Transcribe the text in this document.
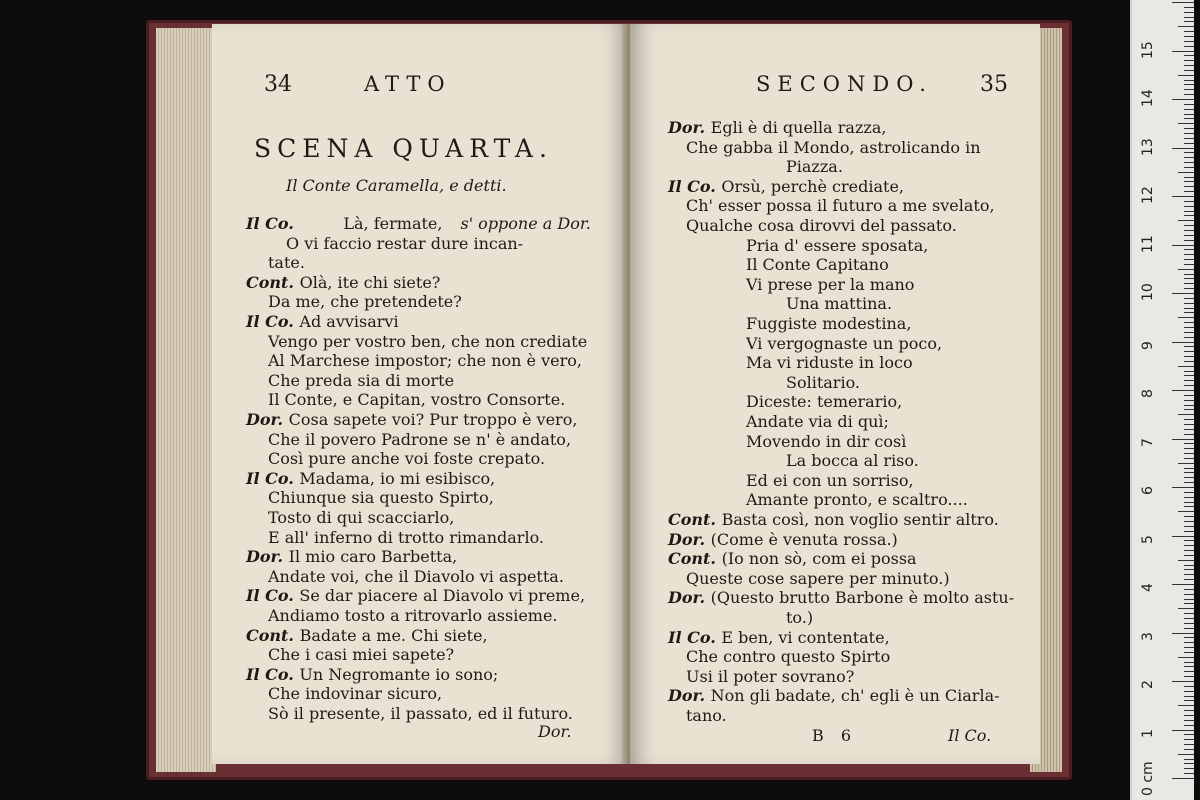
34	ATTO
SCENA QUARTA.
Il Conte Caramella, e detti.
Il Co.	Là, fermate, s' oppone a Dor.
O vi faccio restar dure incan-
tate.
Cont. Olà, ite chi siete?
Da me, che pretendete?
Il Co. Ad avvisarvi
Vengo per vostro ben, che non crediate
Al Marchese impostor; che non è vero,
Che preda sia di morte
Il Conte, e Capitan, vostro Consorte.
Dor. Cosa sapete voi? Pur troppo è vero,
Che il povero Padrone se n' è andato,
Così pure anche voi foste crepato.
Il Co. Madama, io mi esibisco,
Chiunque sia questo Spirto,
Tosto di qui scacciarlo,
E all' inferno di trotto rimandarlo.
Dor. Il mio caro Barbetta,
Andate voi, che il Diavolo vi aspetta.
Il Co. Se dar piacere al Diavolo vi preme,
Andiamo tosto a ritrovarlo assieme.
Cont. Badate a me. Chi siete,
Che i casi miei sapete?
Il Co. Un Negromante io sono;
Che indovinar sicuro,
Sò il presente, il passato, ed il futuro.
Dor.
SECONDO. 35
Dor. Egli è di quella razza,
Che gabba il Mondo, astrolicando in
Piazza.
Il Co. Orsù, perchè crediate,
Ch' esser possa il futuro a me svelato,
Qualche cosa dirovvi del passato.
Pria d' essere sposata,
Il Conte Capitano
Vi prese per la mano
Una mattina.
Fuggiste modestina,
Vi vergognaste un poco,
Ma vi riduste in loco
Solitario.
Diceste: temerario,
Andate via di quì;
Movendo in dir così
La bocca al riso.
Ed ei con un sorriso,
Amante pronto, e scaltro....
Cont. Basta così, non voglio sentir altro.
Dor. (Come è venuta rossa.)
Cont. (Io non sò, com ei possa
Queste cose sapere per minuto.)
Dor. (Questo brutto Barbone è molto astu-
to.)
Il Co. E ben, vi contentate,
Che contro questo Spirto
Usi il poter sovrano?
Dor. Non gli badate, ch' egli è un Ciarla-
tano.
B 6	Il Co.
0 cm
1
2
3
4
5
6
7
8
9
10
11
12
13
14
15
